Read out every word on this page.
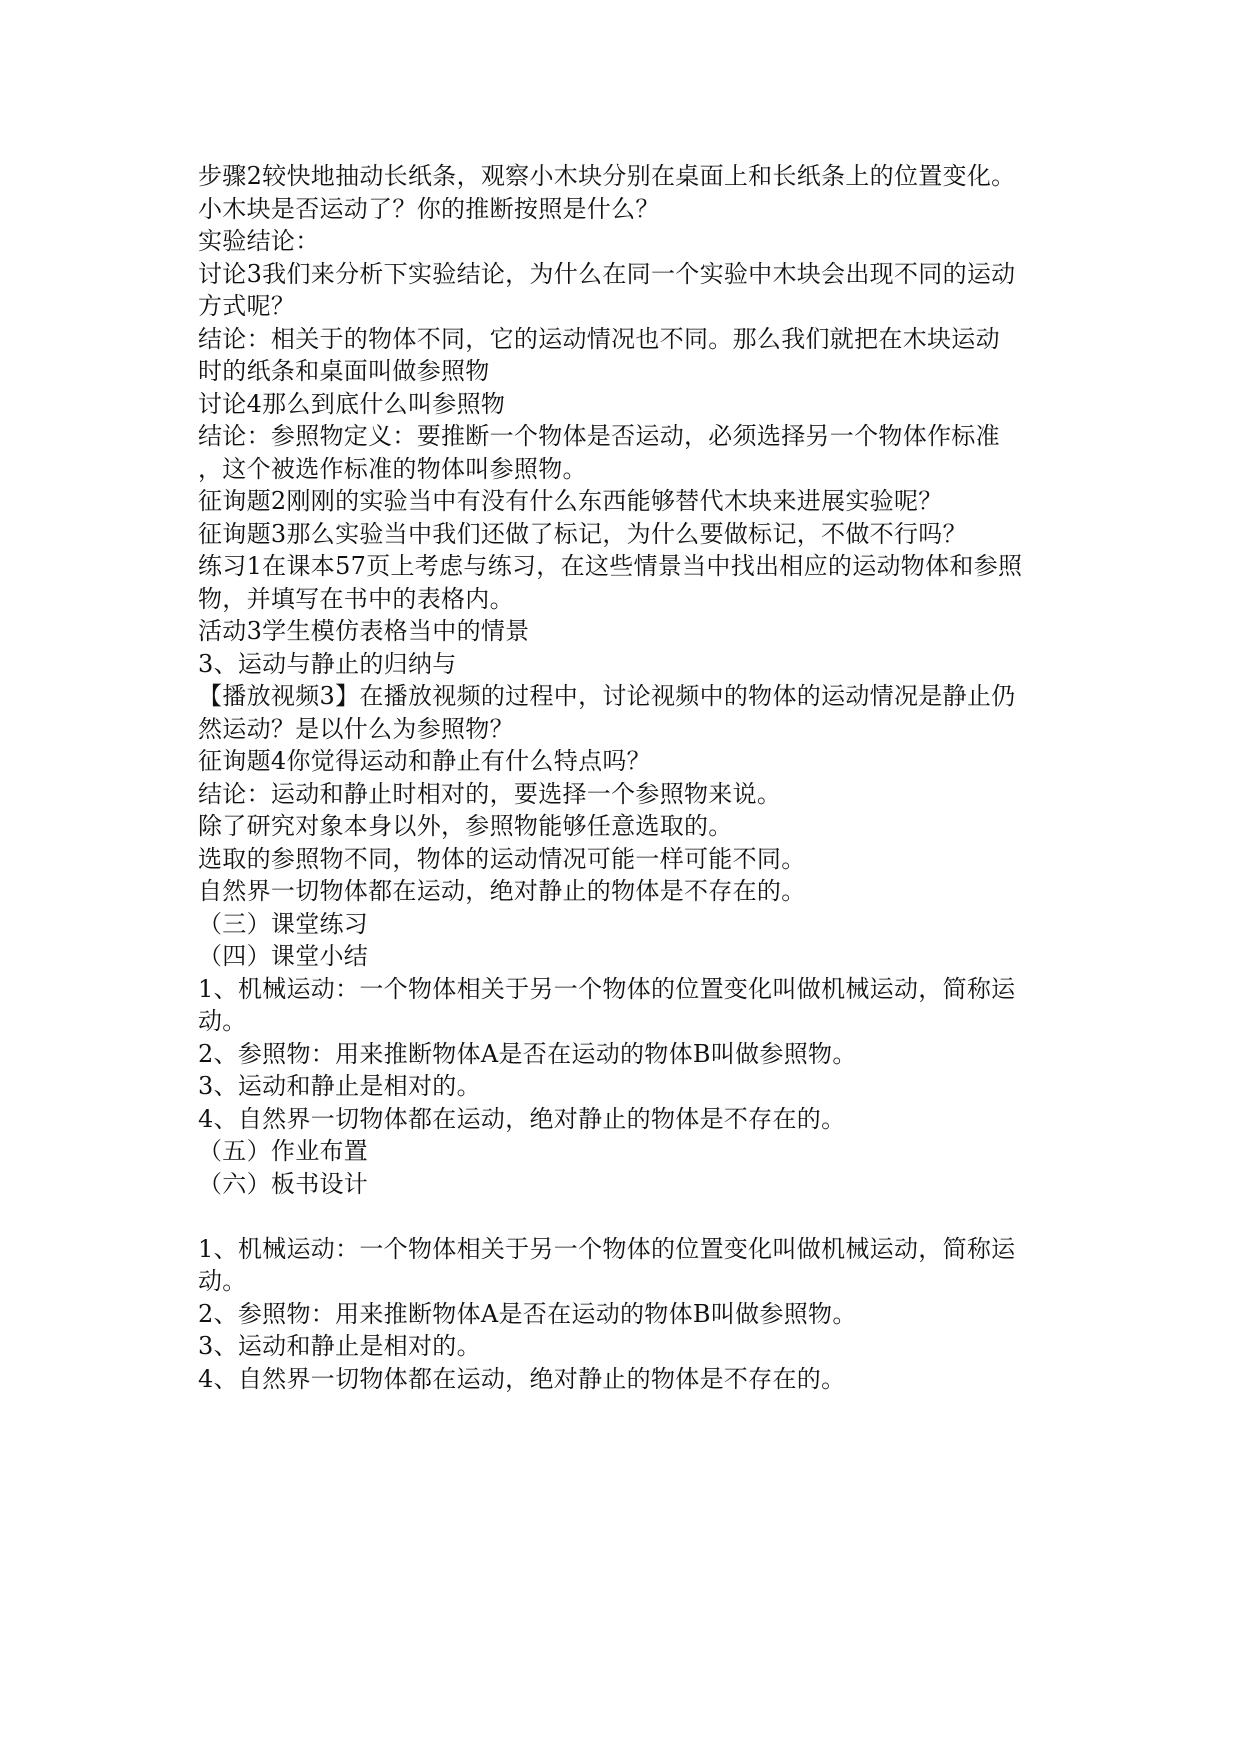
步骤2较快地抽动长纸条，观察小木块分别在桌面上和长纸条上的位置变化。
小木块是否运动了？你的推断按照是什么？
实验结论：
讨论3我们来分析下实验结论，为什么在同一个实验中木块会出现不同的运动
方式呢？
结论：相关于的物体不同，它的运动情况也不同。那么我们就把在木块运动
时的纸条和桌面叫做参照物
讨论4那么到底什么叫参照物
结论：参照物定义：要推断一个物体是否运动，必须选择另一个物体作标准
，这个被选作标准的物体叫参照物。
征询题2刚刚的实验当中有没有什么东西能够替代木块来进展实验呢？
征询题3那么实验当中我们还做了标记，为什么要做标记，不做不行吗？
练习1在课本57页上考虑与练习，在这些情景当中找出相应的运动物体和参照
物，并填写在书中的表格内。
活动3学生模仿表格当中的情景
3、运动与静止的归纳与
【播放视频3】在播放视频的过程中，讨论视频中的物体的运动情况是静止仍
然运动？是以什么为参照物？
征询题4你觉得运动和静止有什么特点吗？
结论：运动和静止时相对的，要选择一个参照物来说。
除了研究对象本身以外，参照物能够任意选取的。
选取的参照物不同，物体的运动情况可能一样可能不同。
自然界一切物体都在运动，绝对静止的物体是不存在的。
（三）课堂练习
（四）课堂小结
1、机械运动：一个物体相关于另一个物体的位置变化叫做机械运动，简称运
动。
2、参照物：用来推断物体A是否在运动的物体B叫做参照物。
3、运动和静止是相对的。
4、自然界一切物体都在运动，绝对静止的物体是不存在的。
（五）作业布置
（六）板书设计
1、机械运动：一个物体相关于另一个物体的位置变化叫做机械运动，简称运
动。
2、参照物：用来推断物体A是否在运动的物体B叫做参照物。
3、运动和静止是相对的。
4、自然界一切物体都在运动，绝对静止的物体是不存在的。
